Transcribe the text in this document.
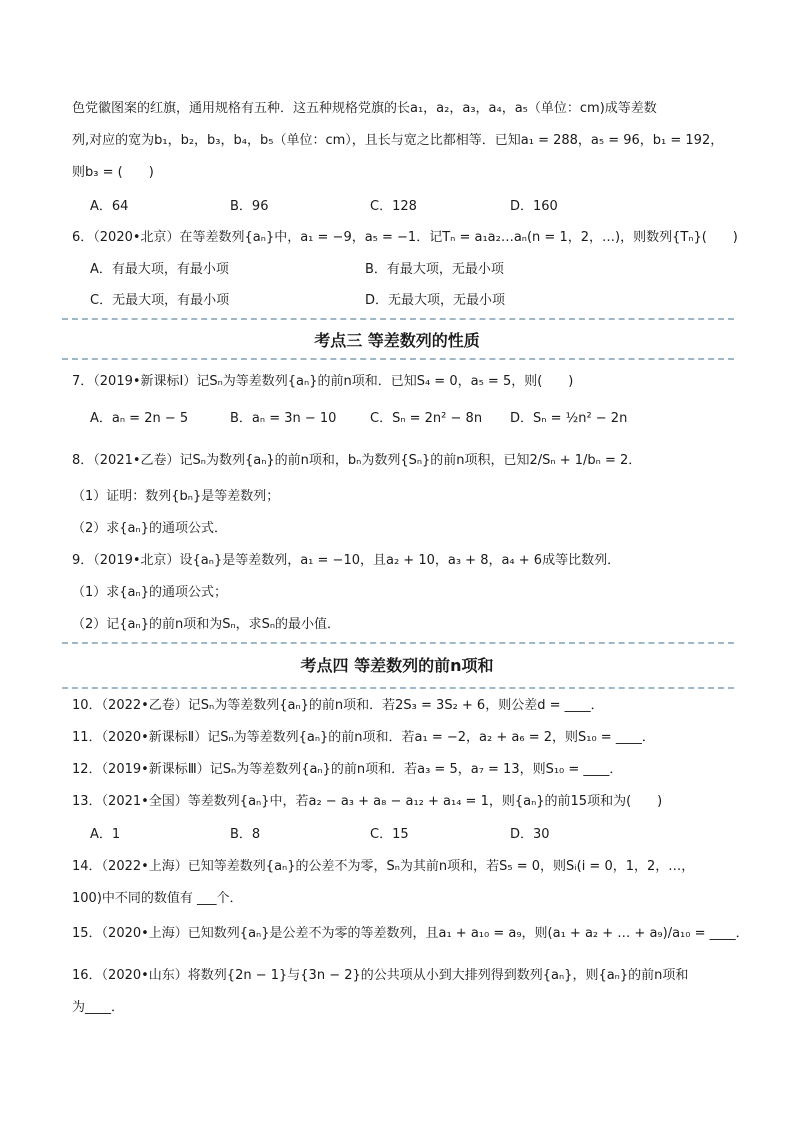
色党徽图案的红旗，通用规格有五种．这五种规格党旗的长a₁，a₂，a₃，a₄，a₅（单位：cm)成等差数
列,对应的宽为b₁，b₂，b₃，b₄，b₅（单位：cm），且长与宽之比都相等．已知a₁ = 288，a₅ = 96，b₁ = 192，
则b₃ = (　　)
A．64	B．96	C．128	D．160
6．（2020•北京）在等差数列{aₙ}中，a₁ = −9，a₅ = −1．记Tₙ = a₁a₂…aₙ(n = 1，2，…)，则数列{Tₙ}(　　)
A．有最大项，有最小项	B．有最大项，无最小项
C．无最大项，有最小项	D．无最大项，无最小项
考点三 等差数列的性质
7．（2019•新课标Ⅰ）记Sₙ为等差数列{aₙ}的前n项和．已知S₄ = 0，a₅ = 5，则(　　)
A．aₙ = 2n − 5	B．aₙ = 3n − 10	C．Sₙ = 2n² − 8n D．Sₙ = ½n² − 2n
8．（2021•乙卷）记Sₙ为数列{aₙ}的前n项和，bₙ为数列{Sₙ}的前n项积，已知2/Sₙ + 1/bₙ = 2．
（1）证明：数列{bₙ}是等差数列；
（2）求{aₙ}的通项公式．
9．（2019•北京）设{aₙ}是等差数列，a₁ = −10，且a₂ + 10，a₃ + 8，a₄ + 6成等比数列．
（1）求{aₙ}的通项公式；
（2）记{aₙ}的前n项和为Sₙ，求Sₙ的最小值．
考点四 等差数列的前n项和
10．（2022•乙卷）记Sₙ为等差数列{aₙ}的前n项和．若2S₃ = 3S₂ + 6，则公差d = ____．
11．（2020•新课标Ⅱ）记Sₙ为等差数列{aₙ}的前n项和．若a₁ = −2，a₂ + a₆ = 2，则S₁₀ = ____．
12．（2019•新课标Ⅲ）记Sₙ为等差数列{aₙ}的前n项和．若a₃ = 5，a₇ = 13，则S₁₀ = ____．
13．（2021•全国）等差数列{aₙ}中，若a₂ − a₃ + a₈ − a₁₂ + a₁₄ = 1，则{aₙ}的前15项和为(　　)
A．1	B．8	C．15	D．30
14．（2022•上海）已知等差数列{aₙ}的公差不为零，Sₙ为其前n项和，若S₅ = 0，则Sᵢ(i = 0，1，2，…，
100)中不同的数值有 ___个．
15．（2020•上海）已知数列{aₙ}是公差不为零的等差数列，且a₁ + a₁₀ = a₉，则(a₁ + a₂ + … + a₉)/a₁₀ = ____．
16．（2020•山东）将数列{2n − 1}与{3n − 2}的公共项从小到大排列得到数列{aₙ}，则{aₙ}的前n项和
为____．
